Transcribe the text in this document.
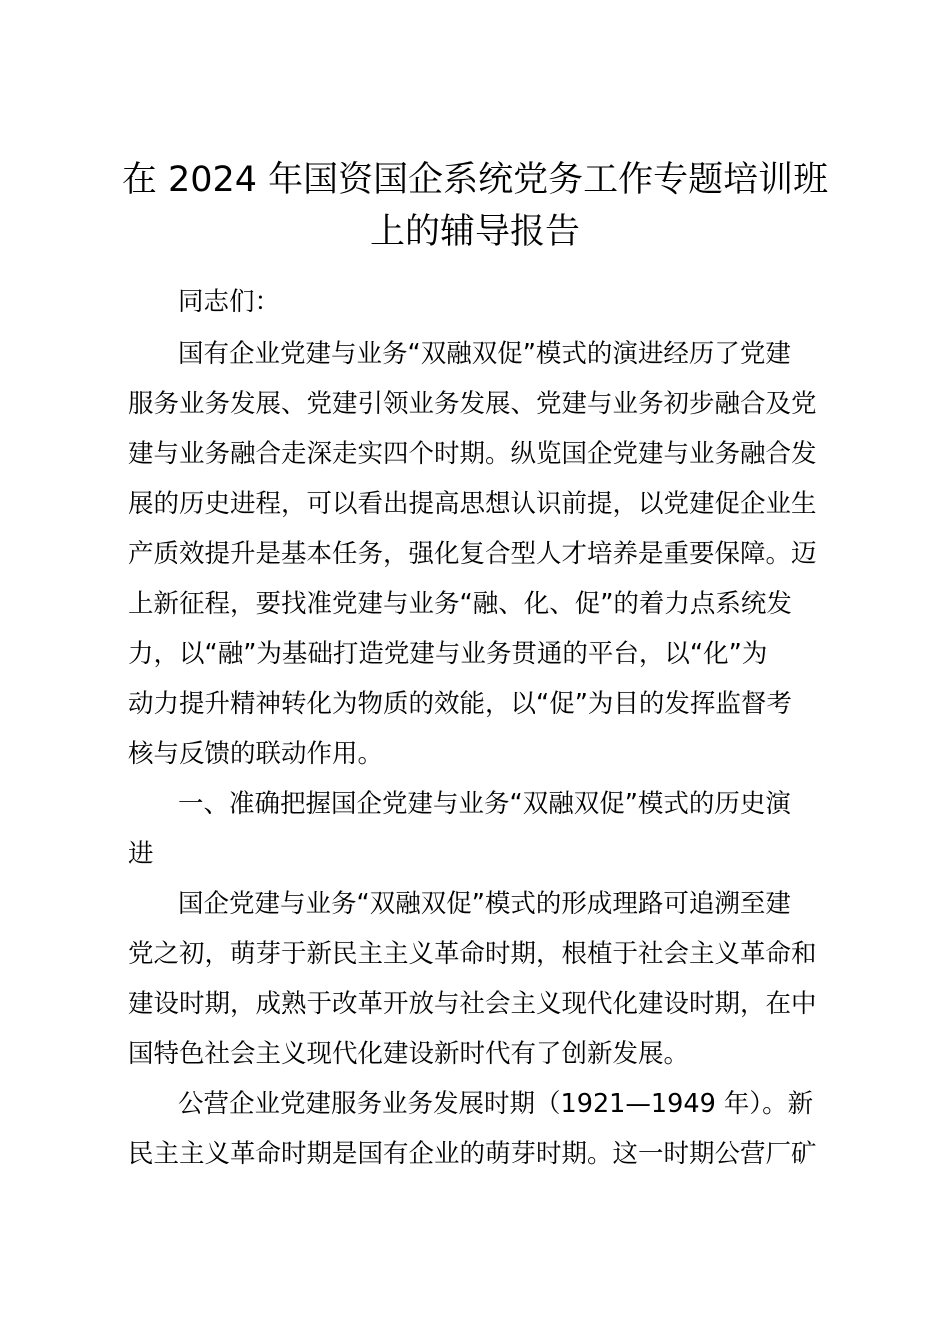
在 2024 年国资国企系统党务工作专题培训班
上的辅导报告
同志们：
国有企业党建与业务“双融双促”模式的演进经历了党建
服务业务发展、党建引领业务发展、党建与业务初步融合及党
建与业务融合走深走实四个时期。纵览国企党建与业务融合发
展的历史进程，可以看出提高思想认识前提，以党建促企业生
产质效提升是基本任务，强化复合型人才培养是重要保障。迈
上新征程，要找准党建与业务“融、化、促”的着力点系统发
力，以“融”为基础打造党建与业务贯通的平台，以“化”为
动力提升精神转化为物质的效能，以“促”为目的发挥监督考
核与反馈的联动作用。
一、准确把握国企党建与业务“双融双促”模式的历史演
进
国企党建与业务“双融双促”模式的形成理路可追溯至建
党之初，萌芽于新民主主义革命时期，根植于社会主义革命和
建设时期，成熟于改革开放与社会主义现代化建设时期，在中
国特色社会主义现代化建设新时代有了创新发展。
公营企业党建服务业务发展时期（1921—1949 年）。新
民主主义革命时期是国有企业的萌芽时期。这一时期公营厂矿
